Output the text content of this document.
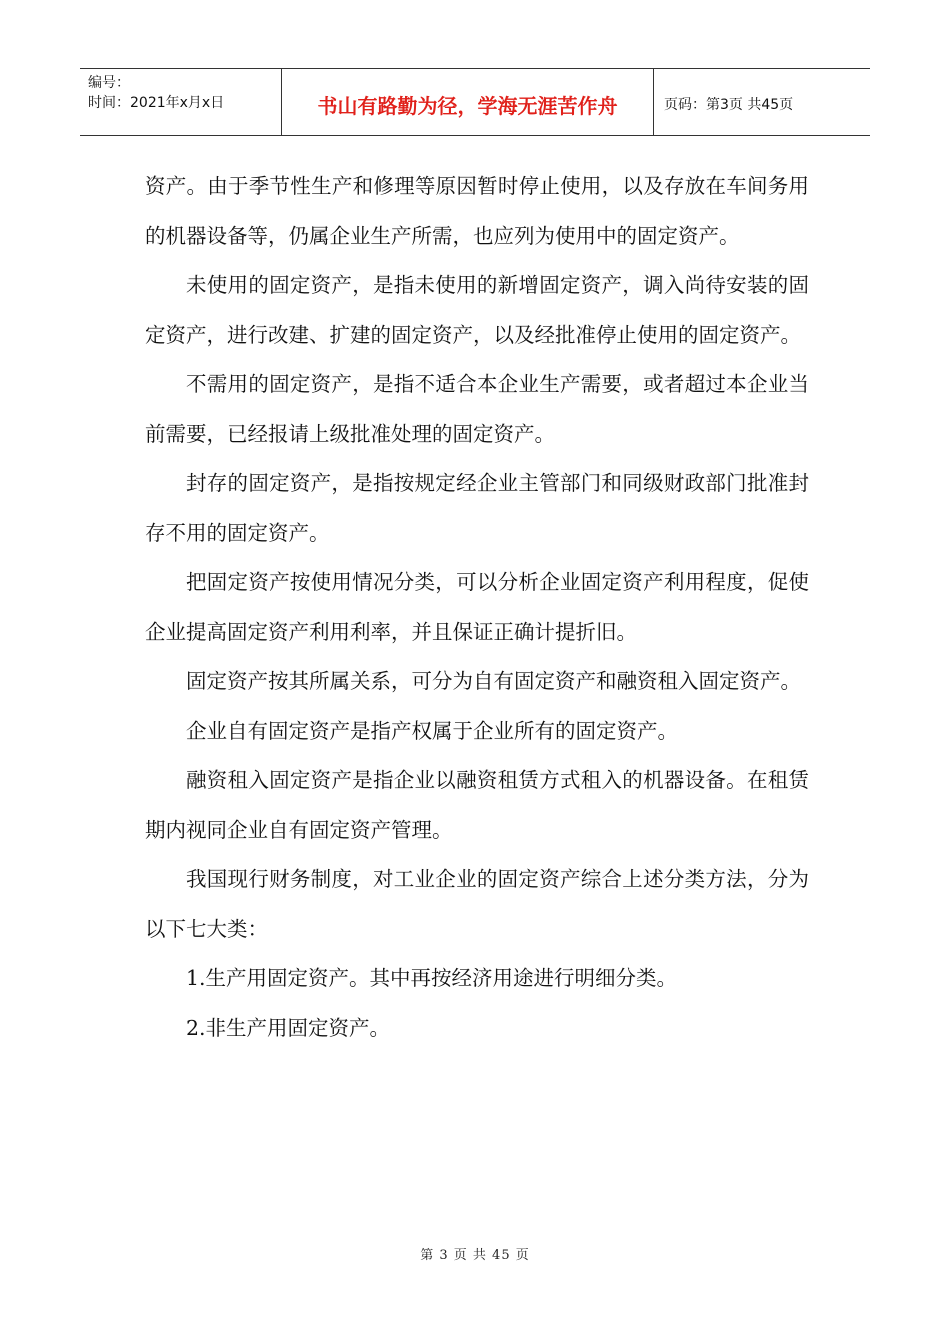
编号：
时间：2021年x月x日	书山有路勤为径，学海无涯苦作舟	页码：第3页 共45页

资产。由于季节性生产和修理等原因暂时停止使用，以及存放在车间务用的机器设备等，仍属企业生产所需，也应列为使用中的固定资产。

未使用的固定资产，是指未使用的新增固定资产，调入尚待安装的固定资产，进行改建、扩建的固定资产，以及经批准停止使用的固定资产。

不需用的固定资产，是指不适合本企业生产需要，或者超过本企业当前需要，已经报请上级批准处理的固定资产。

封存的固定资产，是指按规定经企业主管部门和同级财政部门批准封存不用的固定资产。

把固定资产按使用情况分类，可以分析企业固定资产利用程度，促使企业提高固定资产利用利率，并且保证正确计提折旧。

固定资产按其所属关系，可分为自有固定资产和融资租入固定资产。

企业自有固定资产是指产权属于企业所有的固定资产。

融资租入固定资产是指企业以融资租赁方式租入的机器设备。在租赁期内视同企业自有固定资产管理。

我国现行财务制度，对工业企业的固定资产综合上述分类方法，分为以下七大类：

1.生产用固定资产。其中再按经济用途进行明细分类。

2.非生产用固定资产。

第 3 页 共 45 页
